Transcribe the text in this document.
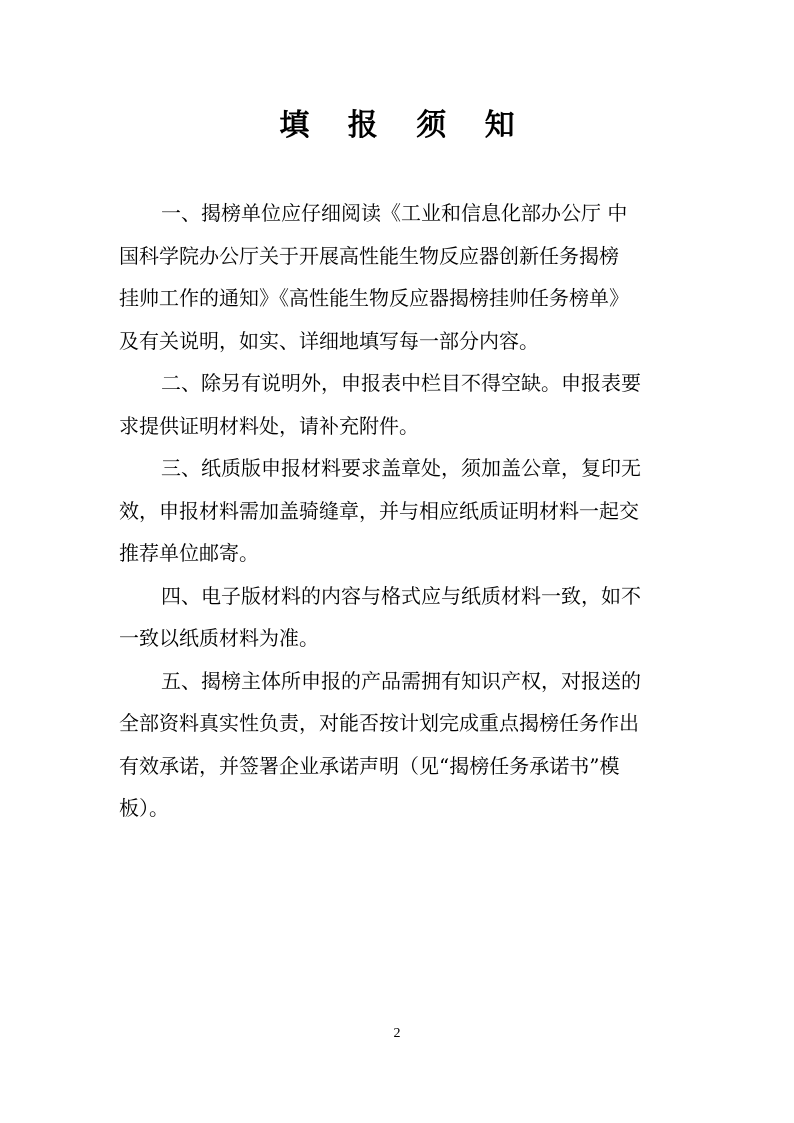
填 报 须 知
一、揭榜单位应仔细阅读《工业和信息化部办公厅 中
国科学院办公厅关于开展高性能生物反应器创新任务揭榜
挂帅工作的通知》《高性能生物反应器揭榜挂帅任务榜单》
及有关说明，如实、详细地填写每一部分内容。
二、除另有说明外，申报表中栏目不得空缺。申报表要
求提供证明材料处，请补充附件。
三、纸质版申报材料要求盖章处，须加盖公章，复印无
效，申报材料需加盖骑缝章，并与相应纸质证明材料一起交
推荐单位邮寄。
四、电子版材料的内容与格式应与纸质材料一致，如不
一致以纸质材料为准。
五、揭榜主体所申报的产品需拥有知识产权，对报送的
全部资料真实性负责，对能否按计划完成重点揭榜任务作出
有效承诺，并签署企业承诺声明（见“揭榜任务承诺书”模
板）。
2
